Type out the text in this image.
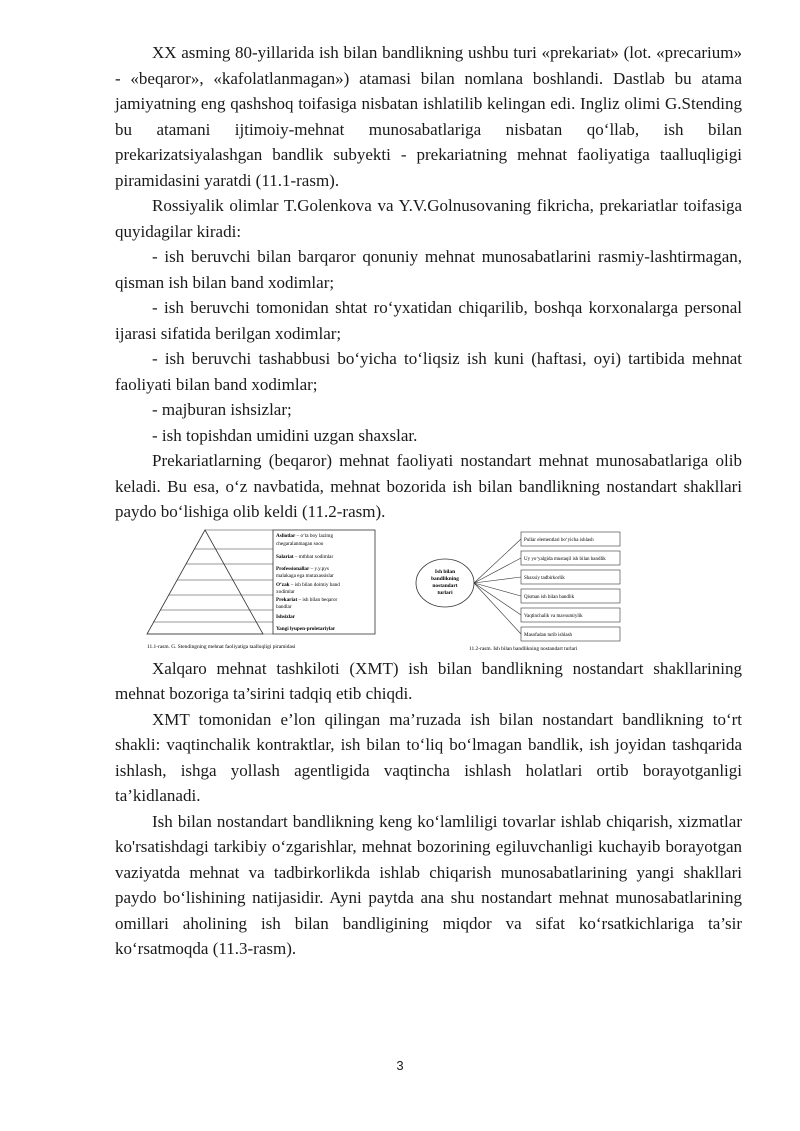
XX asming 80-yillarida ish bilan bandlikning ushbu turi «prekariat» (lot. «precarium» - «beqaror», «kafolatlanmagan») atamasi bilan nomlana boshlandi. Dastlab bu atama jamiyatning eng qashshoq toifasiga nisbatan ishlatilib kelingan edi. Ingliz olimi G.Stending bu atamani ijtimoiy-mehnat munosabatlariga nisbatan qo‘llab, ish bilan prekarizatsiyalashgan bandlik subyekti - prekariatning mehnat faoliyatiga taalluqligigi piramidasini yaratdi (11.1-rasm).

Rossiyalik olimlar T.Golenkova va Y.V.Golnusovaning fikricha, prekariatlar toifasiga quyidagilar kiradi:

- ish beruvchi bilan barqaror qonuniy mehnat munosabatlarini rasmiy-lashtirmagan, qisman ish bilan band xodimlar;

- ish beruvchi tomonidan shtat ro‘yxatidan chiqarilib, boshqa korxonalarga personal ijarasi sifatida berilgan xodimlar;

- ish beruvchi tashabbusi bo‘yicha to‘liqsiz ish kuni (haftasi, oyi) tartibida mehnat faoliyati bilan band xodimlar;

- majburan ishsizlar;

- ish topishdan umidini uzgan shaxslar.

Prekariatlarning (beqaror) mehnat faoliyati nostandart mehnat munosabatlariga olib keladi. Bu esa, o‘z navbatida, mehnat bozorida ish bilan bandlikning nostandart shakllari paydo bo‘lishiga olib keldi (11.2-rasm).

Asliotlar – o‘ta boy lazimg
chegaralanmagan sooo
Salariat – mthbat xodimlar
Professionallar – y.y.pys
malakaga ega mutaxassislar
O‘zak – ish bilan doimiy band
xodimlar
Prekariat – ish bilan beqaror
bandlar
Ishsizlar
Yangi lyupen-proletariylar
11.1-rasm. G. Stendingning mehnat faoliyatiga taalluqligi piramidasi
Ish bilan
bandlikning
nostandart
turlari
Pullar elementlari bo‘yicha ishlash
Uy yo‘yalgida mustaqil ish bilan bandlik
Shaxsiy tadbirkorlik
Qisman ish bilan bandlik
Vaqtinchalik va mavsumiylik
Masofadan turib ishlash
11.2-rasm. Ish bilan bandlikning nostandart turlari

Xalqaro mehnat tashkiloti (XMT) ish bilan bandlikning nostandart shakllarining mehnat bozoriga ta’sirini tadqiq etib chiqdi.

XMT tomonidan e’lon qilingan ma’ruzada ish bilan nostandart bandlikning to‘rt shakli: vaqtinchalik kontraktlar, ish bilan to‘liq bo‘lmagan bandlik, ish joyidan tashqarida ishlash, ishga yollash agentligida vaqtincha ishlash holatlari ortib borayotganligi ta’kidlanadi.

Ish bilan nostandart bandlikning keng ko‘lamliligi tovarlar ishlab chiqarish, xizmatlar ko'rsatishdagi tarkibiy o‘zgarishlar, mehnat bozorining egiluvchanligi kuchayib borayotgan vaziyatda mehnat va tadbirkorlikda ishlab chiqarish munosabatlarining yangi shakllari paydo bo‘lishining natijasidir. Ayni paytda ana shu nostandart mehnat munosabatlarining omillari aholining ish bilan bandligining miqdor va sifat ko‘rsatkichlariga ta’sir ko‘rsatmoqda (11.3-rasm).

3
